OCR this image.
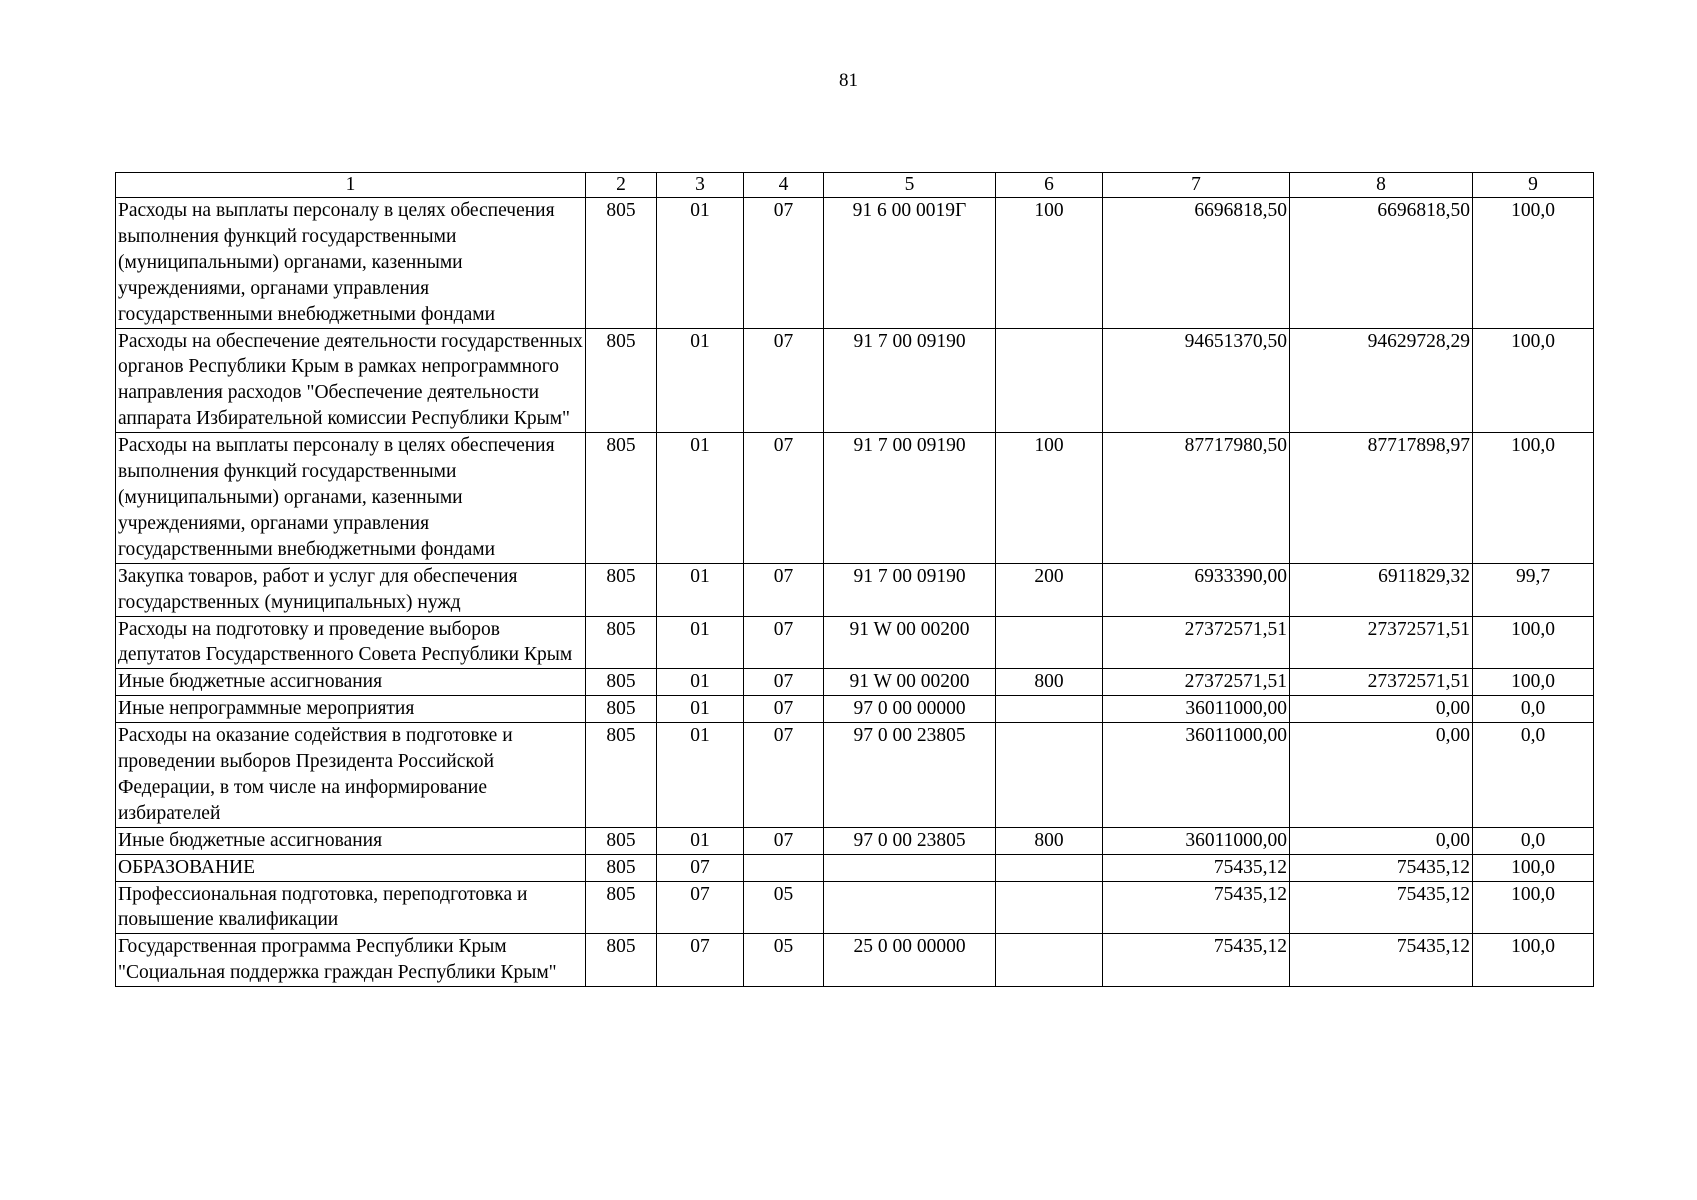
81
1	2	3	4	5	6	7	8	9
Расходы на выплаты персоналу в целях обеспечения выполнения функций государственными (муниципальными) органами, казенными учреждениями, органами управления государственными внебюджетными фондами	805	01	07	91 6 00 0019Г	100	6696818,50	6696818,50	100,0
Расходы на обеспечение деятельности государственных органов Республики Крым в рамках непрограммного направления расходов "Обеспечение деятельности аппарата Избирательной комиссии Республики Крым"	805	01	07	91 7 00 09190		94651370,50	94629728,29	100,0
Расходы на выплаты персоналу в целях обеспечения выполнения функций государственными (муниципальными) органами, казенными учреждениями, органами управления государственными внебюджетными фондами	805	01	07	91 7 00 09190	100	87717980,50	87717898,97	100,0
Закупка товаров, работ и услуг для обеспечения государственных (муниципальных) нужд	805	01	07	91 7 00 09190	200	6933390,00	6911829,32	99,7
Расходы на подготовку и проведение выборов депутатов Государственного Совета Республики Крым	805	01	07	91 W 00 00200		27372571,51	27372571,51	100,0
Иные бюджетные ассигнования	805	01	07	91 W 00 00200	800	27372571,51	27372571,51	100,0
Иные непрограммные мероприятия	805	01	07	97 0 00 00000		36011000,00	0,00	0,0
Расходы на оказание содействия в подготовке и проведении выборов Президента Российской Федерации, в том числе на информирование избирателей	805	01	07	97 0 00 23805		36011000,00	0,00	0,0
Иные бюджетные ассигнования	805	01	07	97 0 00 23805	800	36011000,00	0,00	0,0
ОБРАЗОВАНИЕ	805	07				75435,12	75435,12	100,0
Профессиональная подготовка, переподготовка и повышение квалификации	805	07	05			75435,12	75435,12	100,0
Государственная программа Республики Крым "Социальная поддержка граждан Республики Крым"	805	07	05	25 0 00 00000		75435,12	75435,12	100,0
